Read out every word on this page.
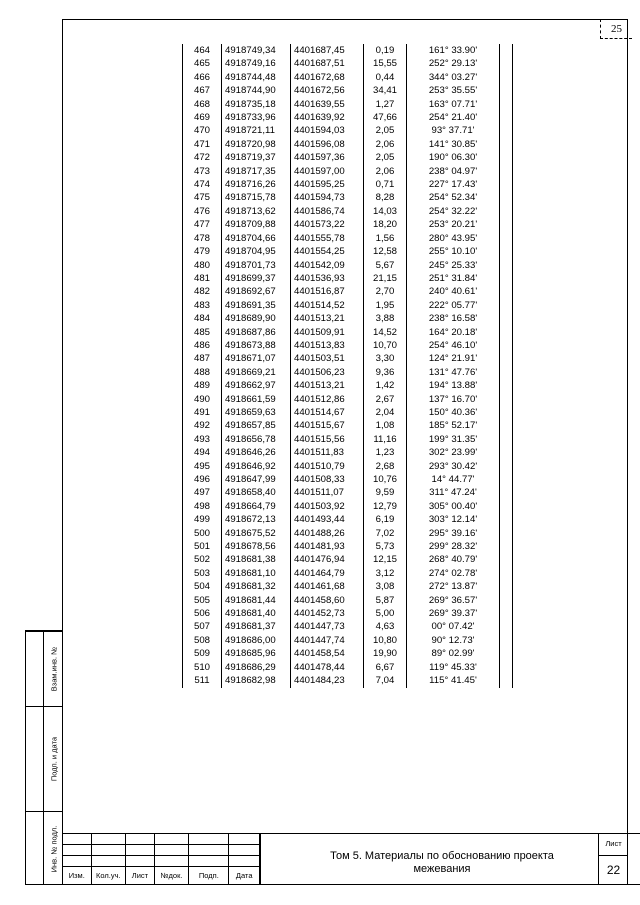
25
464	4918749,34	4401687,45	0,19	161° 33.90'	
465	4918749,16	4401687,51	15,55	252° 29.13'	
466	4918744,48	4401672,68	0,44	344° 03.27'	
467	4918744,90	4401672,56	34,41	253° 35.55'	
468	4918735,18	4401639,55	1,27	163° 07.71'	
469	4918733,96	4401639,92	47,66	254° 21.40'	
470	4918721,11	4401594,03	2,05	93° 37.71'	
471	4918720,98	4401596,08	2,06	141° 30.85'	
472	4918719,37	4401597,36	2,05	190° 06.30'	
473	4918717,35	4401597,00	2,06	238° 04.97'	
474	4918716,26	4401595,25	0,71	227° 17.43'	
475	4918715,78	4401594,73	8,28	254° 52.34'	
476	4918713,62	4401586,74	14,03	254° 32.22'	
477	4918709,88	4401573,22	18,20	253° 20.21'	
478	4918704,66	4401555,78	1,56	280° 43.95'	
479	4918704,95	4401554,25	12,58	255° 10.10'	
480	4918701,73	4401542,09	5,67	245° 25.33'	
481	4918699,37	4401536,93	21,15	251° 31.84'	
482	4918692,67	4401516,87	2,70	240° 40.61'	
483	4918691,35	4401514,52	1,95	222° 05.77'	
484	4918689,90	4401513,21	3,88	238° 16.58'	
485	4918687,86	4401509,91	14,52	164° 20.18'	
486	4918673,88	4401513,83	10,70	254° 46.10'	
487	4918671,07	4401503,51	3,30	124° 21.91'	
488	4918669,21	4401506,23	9,36	131° 47.76'	
489	4918662,97	4401513,21	1,42	194° 13.88'	
490	4918661,59	4401512,86	2,67	137° 16.70'	
491	4918659,63	4401514,67	2,04	150° 40.36'	
492	4918657,85	4401515,67	1,08	185° 52.17'	
493	4918656,78	4401515,56	11,16	199° 31.35'	
494	4918646,26	4401511,83	1,23	302° 23.99'	
495	4918646,92	4401510,79	2,68	293° 30.42'	
496	4918647,99	4401508,33	10,76	14° 44.77'	
497	4918658,40	4401511,07	9,59	311° 47.24'	
498	4918664,79	4401503,92	12,79	305° 00.40'	
499	4918672,13	4401493,44	6,19	303° 12.14'	
500	4918675,52	4401488,26	7,02	295° 39.16'	
501	4918678,56	4401481,93	5,73	299° 28.32'	
502	4918681,38	4401476,94	12,15	268° 40.79'	
503	4918681,10	4401464,79	3,12	274° 02.78'	
504	4918681,32	4401461,68	3,08	272° 13.87'	
505	4918681,44	4401458,60	5,87	269° 36.57'	
506	4918681,40	4401452,73	5,00	269° 39.37'	
507	4918681,37	4401447,73	4,63	00° 07.42'	
508	4918686,00	4401447,74	10,80	90° 12.73'	
509	4918685,96	4401458,54	19,90	89° 02.99'	
510	4918686,29	4401478,44	6,67	119° 45.33'	
511	4918682,98	4401484,23	7,04	115° 41.45'	
Взам.инв. №
Подп. и дата
Инв. № подл.

Изм.	Кол.уч.	Лист	№док.	Подп.	Дата
Том 5. Материалы по обоснованию проекта
межевания
Лист
22
